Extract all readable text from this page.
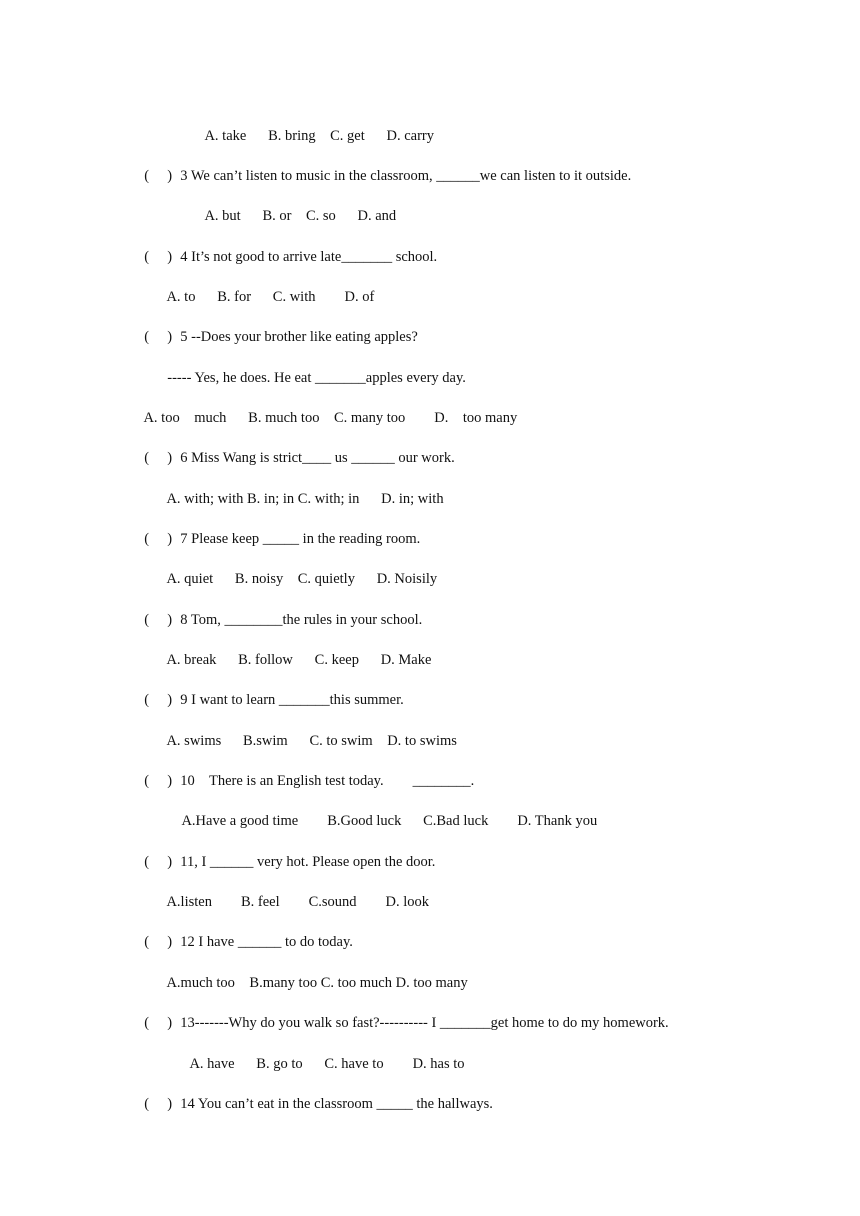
A. take      B. bring    C. get      D. carry

(     ) 3 We can’t listen to music in the classroom, ______we can listen to it outside.

A. but      B. or    C. so      D. and

(     ) 4 It’s not good to arrive late_______ school.

A. to      B. for      C. with        D. of

(     ) 5 --Does your brother like eating apples?

----- Yes, he does. He eat _______apples every day.

A. too    much      B. much too    C. many too        D.    too many

(     ) 6 Miss Wang is strict____ us ______ our work.

A. with; with B. in; in C. with; in      D. in; with

(     ) 7 Please keep _____ in the reading room.

A. quiet      B. noisy    C. quietly      D. Noisily

(     ) 8 Tom, ________the rules in your school.

A. break      B. follow      C. keep      D. Make

(     ) 9 I want to learn _______this summer.

A. swims      B.swim      C. to swim    D. to swims

(     ) 10    There is an English test today.        ________.

A.Have a good time        B.Good luck      C.Bad luck        D. Thank you

(     ) 11, I ______ very hot. Please open the door.

A.listen        B. feel        C.sound        D. look

(     ) 12 I have ______ to do today.

A.much too    B.many too C. too much D. too many

(     ) 13-------Why do you walk so fast?---------- I _______get home to do my homework.

A. have      B. go to      C. have to        D. has to

(     ) 14 You can’t eat in the classroom _____ the hallways.
